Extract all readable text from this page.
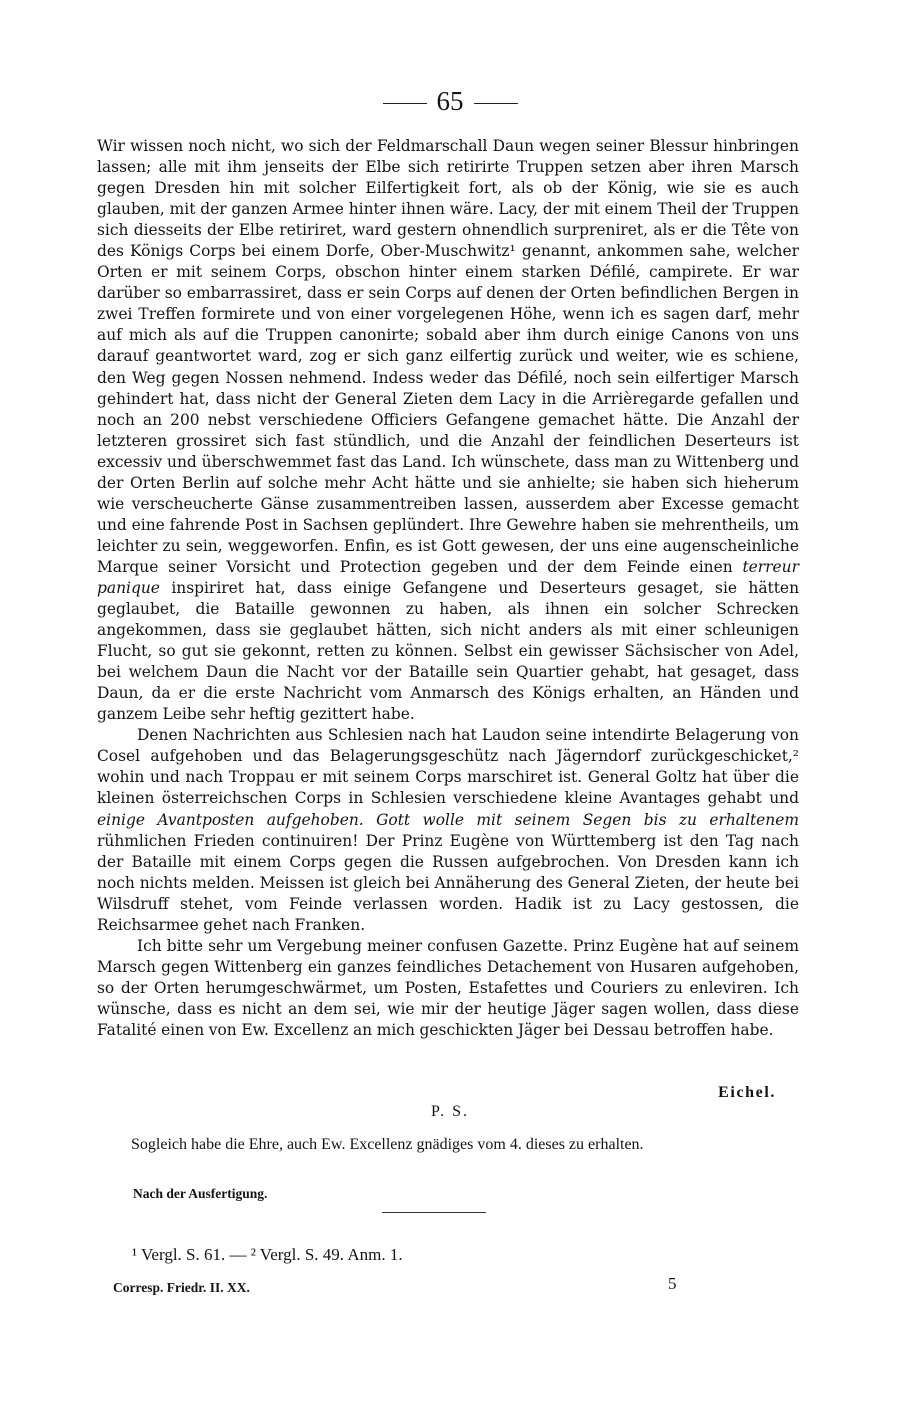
65

Wir wissen noch nicht, wo sich der Feldmarschall Daun wegen seiner Blessur hinbringen lassen; alle mit ihm jenseits der Elbe sich retirirte Truppen setzen aber ihren Marsch gegen Dresden hin mit solcher Eilfertigkeit fort, als ob der König, wie sie es auch glauben, mit der ganzen Armee hinter ihnen wäre. Lacy, der mit einem Theil der Truppen sich diesseits der Elbe retiriret, ward gestern ohnendlich surpreniret, als er die Tête von des Königs Corps bei einem Dorfe, Ober-Muschwitz¹ genannt, ankommen sahe, welcher Orten er mit seinem Corps, obschon hinter einem starken Défilé, campirete. Er war darüber so embarrassiret, dass er sein Corps auf denen der Orten befindlichen Bergen in zwei Treffen formirete und von einer vorgelegenen Höhe, wenn ich es sagen darf, mehr auf mich als auf die Truppen canonirte; sobald aber ihm durch einige Canons von uns darauf geantwortet ward, zog er sich ganz eilfertig zurück und weiter, wie es schiene, den Weg gegen Nossen nehmend. Indess weder das Défilé, noch sein eilfertiger Marsch gehindert hat, dass nicht der General Zieten dem Lacy in die Arrièregarde gefallen und noch an 200 nebst verschiedene Officiers Gefangene gemachet hätte. Die Anzahl der letzteren grossiret sich fast stündlich, und die Anzahl der feindlichen Deserteurs ist excessiv und überschwemmet fast das Land. Ich wünschete, dass man zu Wittenberg und der Orten Berlin auf solche mehr Acht hätte und sie anhielte; sie haben sich hieherum wie verscheucherte Gänse zusammentreiben lassen, ausserdem aber Excesse gemacht und eine fahrende Post in Sachsen geplündert. Ihre Gewehre haben sie mehrentheils, um leichter zu sein, weggeworfen. Enfin, es ist Gott gewesen, der uns eine augenscheinliche Marque seiner Vorsicht und Protection gegeben und der dem Feinde einen terreur panique inspiriret hat, dass einige Gefangene und Deserteurs gesaget, sie hätten geglaubet, die Bataille gewonnen zu haben, als ihnen ein solcher Schrecken angekommen, dass sie geglaubet hätten, sich nicht anders als mit einer schleunigen Flucht, so gut sie gekonnt, retten zu können. Selbst ein gewisser Sächsischer von Adel, bei welchem Daun die Nacht vor der Bataille sein Quartier gehabt, hat gesaget, dass Daun, da er die erste Nachricht vom Anmarsch des Königs erhalten, an Händen und ganzem Leibe sehr heftig gezittert habe.

Denen Nachrichten aus Schlesien nach hat Laudon seine intendirte Belagerung von Cosel aufgehoben und das Belagerungsgeschütz nach Jägerndorf zurückgeschicket,² wohin und nach Troppau er mit seinem Corps marschiret ist. General Goltz hat über die kleinen österreichschen Corps in Schlesien verschiedene kleine Avantages gehabt und einige Avantposten aufgehoben. Gott wolle mit seinem Segen bis zu erhaltenem rühmlichen Frieden continuiren! Der Prinz Eugène von Württemberg ist den Tag nach der Bataille mit einem Corps gegen die Russen aufgebrochen. Von Dresden kann ich noch nichts melden. Meissen ist gleich bei Annäherung des General Zieten, der heute bei Wilsdruff stehet, vom Feinde verlassen worden. Hadik ist zu Lacy gestossen, die Reichsarmee gehet nach Franken.

Ich bitte sehr um Vergebung meiner confusen Gazette. Prinz Eugène hat auf seinem Marsch gegen Wittenberg ein ganzes feindliches Detachement von Husaren aufgehoben, so der Orten herumgeschwärmet, um Posten, Estafettes und Couriers zu enleviren. Ich wünsche, dass es nicht an dem sei, wie mir der heutige Jäger sagen wollen, dass diese Fatalité einen von Ew. Excellenz an mich geschickten Jäger bei Dessau betroffen habe.

Eichel.
P. S.
Sogleich habe die Ehre, auch Ew. Excellenz gnädiges vom 4. dieses zu erhalten.
Nach der Ausfertigung.
¹ Vergl. S. 61. — ² Vergl. S. 49. Anm. 1.
Corresp. Friedr. II. XX.	5
